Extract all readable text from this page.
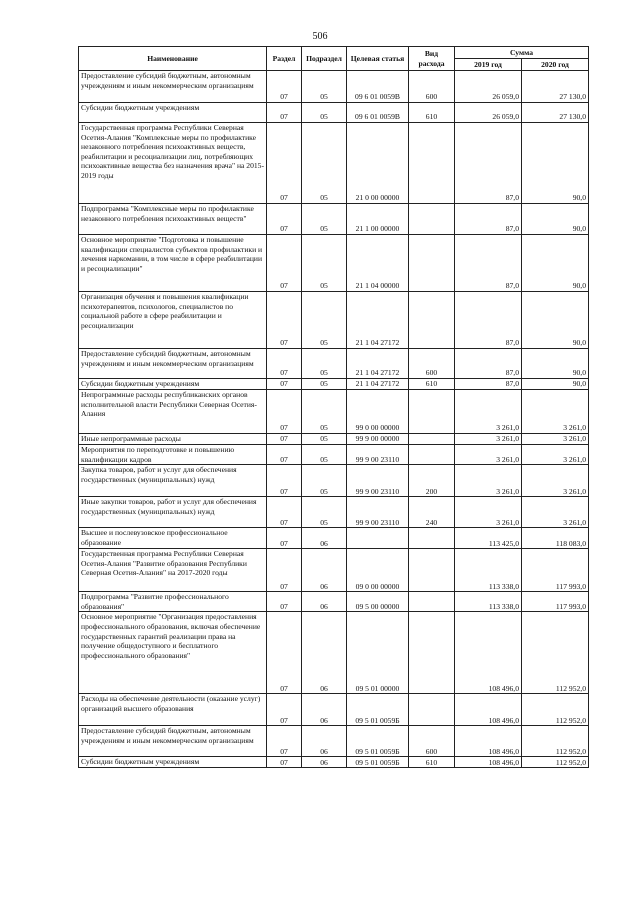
506
Наименование	Раздел	Подраздел	Целевая статья	Вид расхода	Сумма	
					2019 год	2020 год
Предоставление субсидий бюджетным, автономным учреждениям и иным некоммерческим организациям	07	05	09 6 01 0059В	600	26 059,0	27 130,0
Субсидии бюджетным учреждениям	07	05	09 6 01 0059В	610	26 059,0	27 130,0
Государственная программа Республики Северная Осетия-Алания "Комплексные меры по профилактике незаконного потребления психоактивных веществ, реабилитации и ресоциализации лиц, потребляющих психоактивные вещества без назначения врача" на 2015-2019 годы	07	05	21 0 00 00000		87,0	90,0
Подпрограмма "Комплексные меры по профилактике незаконного потребления психоактивных веществ"	07	05	21 1 00 00000		87,0	90,0
Основное мероприятие "Подготовка и повышение квалификации специалистов субъектов профилактики и лечения наркомании, в том числе в сфере реабилитации и ресоциализации"	07	05	21 1 04 00000		87,0	90,0
Организация обучения и повышения квалификации психотерапевтов, психологов, специалистов по социальной работе в сфере реабилитации и ресоциализации	07	05	21 1 04 27172		87,0	90,0
Предоставление субсидий бюджетным, автономным учреждениям и иным некоммерческим организациям	07	05	21 1 04 27172	600	87,0	90,0
Субсидии бюджетным учреждениям	07	05	21 1 04 27172	610	87,0	90,0
Непрограммные расходы республиканских органов исполнительной власти Республики Северная Осетия-Алания	07	05	99 0 00 00000		3 261,0	3 261,0
Иные непрограммные расходы	07	05	99 9 00 00000		3 261,0	3 261,0
Мероприятия по переподготовке и повышению квалификации кадров	07	05	99 9 00 23110		3 261,0	3 261,0
Закупка товаров, работ и услуг для обеспечения государственных (муниципальных) нужд	07	05	99 9 00 23110	200	3 261,0	3 261,0
Иные закупки товаров, работ и услуг для обеспечения государственных (муниципальных) нужд	07	05	99 9 00 23110	240	3 261,0	3 261,0
Высшее и послевузовское профессиональное образование	07	06			113 425,0	118 083,0
Государственная программа Республики Северная Осетия-Алания "Развитие образования Республики Северная Осетия-Алания" на 2017-2020 годы	07	06	09 0 00 00000		113 338,0	117 993,0
Подпрограмма "Развитие профессионального образования"	07	06	09 5 00 00000		113 338,0	117 993,0
Основное мероприятие "Организация предоставления профессионального образования, включая обеспечение государственных гарантий реализации права на получение общедоступного и бесплатного профессионального образования"	07	06	09 5 01 00000		108 496,0	112 952,0
Расходы на обеспечение деятельности (оказание услуг) организаций высшего образования	07	06	09 5 01 0059Б		108 496,0	112 952,0
Предоставление субсидий бюджетным, автономным учреждениям и иным некоммерческим организациям	07	06	09 5 01 0059Б	600	108 496,0	112 952,0
Субсидии бюджетным учреждениям	07	06	09 5 01 0059Б	610	108 496,0	112 952,0
